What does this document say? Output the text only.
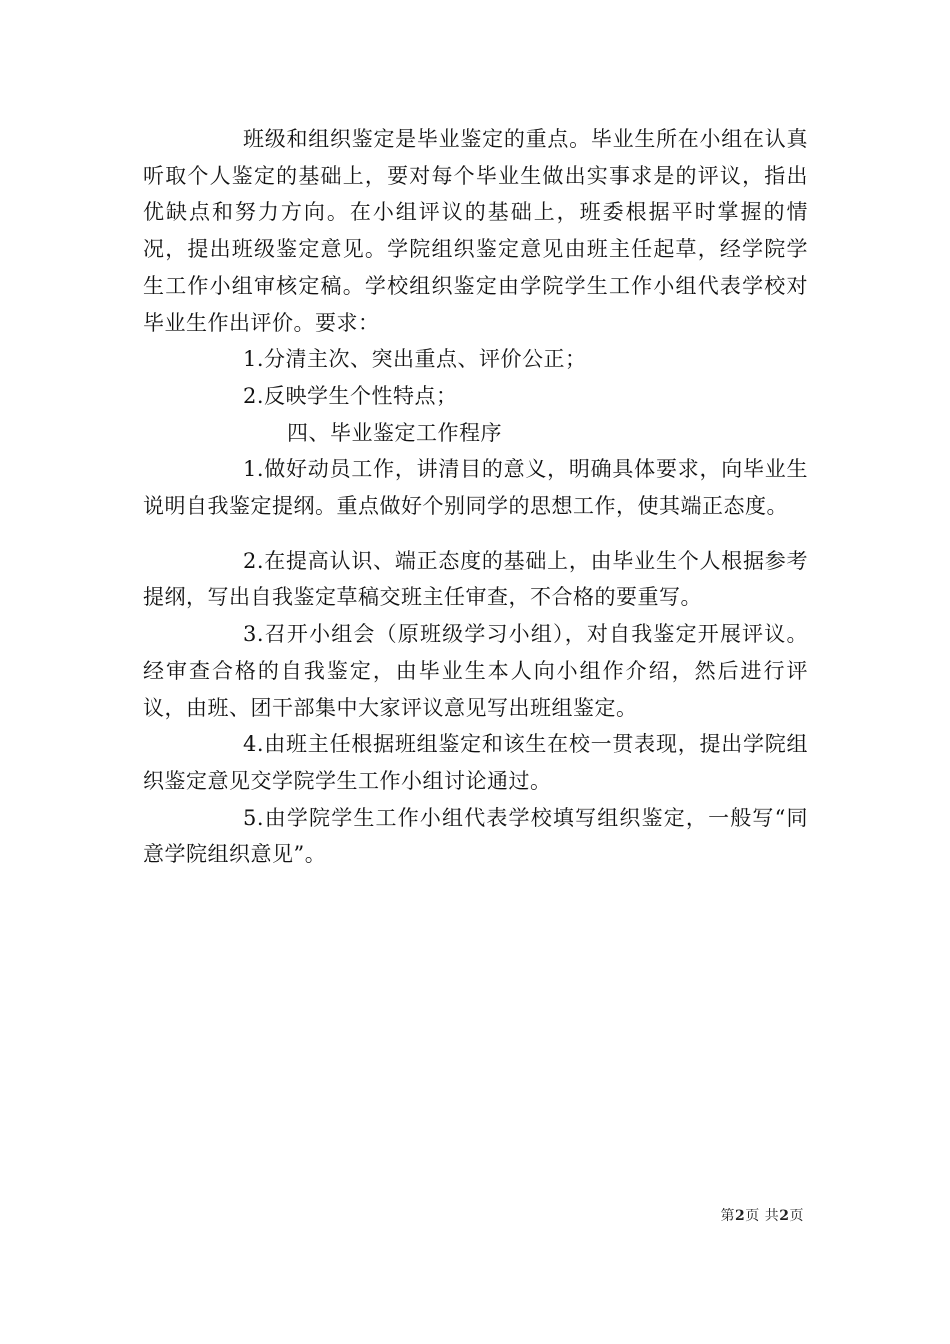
班级和组织鉴定是毕业鉴定的重点。毕业生所在小组在认真听取个人鉴定的基础上，要对每个毕业生做出实事求是的评议，指出优缺点和努力方向。在小组评议的基础上，班委根据平时掌握的情况，提出班级鉴定意见。学院组织鉴定意见由班主任起草，经学院学生工作小组审核定稿。学校组织鉴定由学院学生工作小组代表学校对毕业生作出评价。要求：

1.分清主次、突出重点、评价公正；

2.反映学生个性特点；

四、毕业鉴定工作程序

1.做好动员工作，讲清目的意义，明确具体要求，向毕业生说明自我鉴定提纲。重点做好个别同学的思想工作，使其端正态度。

2.在提高认识、端正态度的基础上，由毕业生个人根据参考提纲，写出自我鉴定草稿交班主任审查，不合格的要重写。

3.召开小组会（原班级学习小组），对自我鉴定开展评议。经审查合格的自我鉴定，由毕业生本人向小组作介绍，然后进行评议，由班、团干部集中大家评议意见写出班组鉴定。

4.由班主任根据班组鉴定和该生在校一贯表现，提出学院组织鉴定意见交学院学生工作小组讨论通过。

5.由学院学生工作小组代表学校填写组织鉴定，一般写“同意学院组织意见”。

第2页 共2页
